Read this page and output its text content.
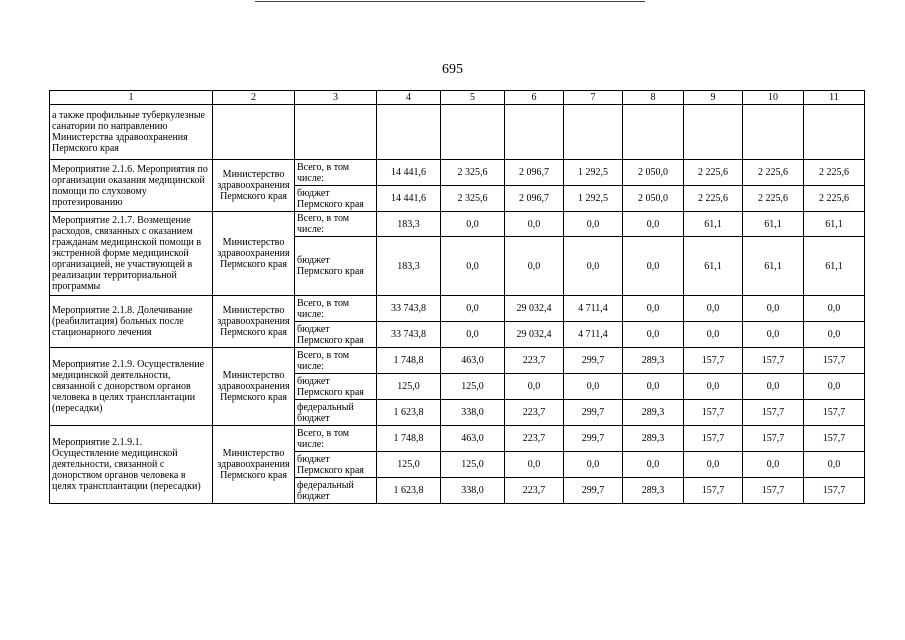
695
1	2	3	4	5	6	7	8	9	10	11
а также профильные туберкулезные санатории по направлению Министерства здравоохранения Пермского края										
Мероприятие 2.1.6. Мероприятия по организации оказания медицинской помощи по слуховому протезированию	Министерство здравоохранения Пермского края	Всего, в том числе:	14 441,6	2 325,6	2 096,7	1 292,5	2 050,0	2 225,6	2 225,6	2 225,6
		бюджет Пермского края	14 441,6	2 325,6	2 096,7	1 292,5	2 050,0	2 225,6	2 225,6	2 225,6
Мероприятие 2.1.7. Возмещение расходов, связанных с оказанием гражданам медицинской помощи в экстренной форме медицинской организацией, не участвующей в реализации территориальной программы	Министерство здравоохранения Пермского края	Всего, в том числе:	183,3	0,0	0,0	0,0	0,0	61,1	61,1	61,1
		бюджет Пермского края	183,3	0,0	0,0	0,0	0,0	61,1	61,1	61,1
Мероприятие 2.1.8. Долечивание (реабилитация) больных после стационарного лечения	Министерство здравоохранения Пермского края	Всего, в том числе:	33 743,8	0,0	29 032,4	4 711,4	0,0	0,0	0,0	0,0
		бюджет Пермского края	33 743,8	0,0	29 032,4	4 711,4	0,0	0,0	0,0	0,0
Мероприятие 2.1.9. Осуществление медицинской деятельности, связанной с донорством органов человека в целях трансплантации (пересадки)	Министерство здравоохранения Пермского края	Всего, в том числе:	1 748,8	463,0	223,7	299,7	289,3	157,7	157,7	157,7
		бюджет Пермского края	125,0	125,0	0,0	0,0	0,0	0,0	0,0	0,0
		федеральный бюджет	1 623,8	338,0	223,7	299,7	289,3	157,7	157,7	157,7
Мероприятие 2.1.9.1. Осуществление медицинской деятельности, связанной с донорством органов человека в целях трансплантации (пересадки)	Министерство здравоохранения Пермского края	Всего, в том числе:	1 748,8	463,0	223,7	299,7	289,3	157,7	157,7	157,7
		бюджет Пермского края	125,0	125,0	0,0	0,0	0,0	0,0	0,0	0,0
		федеральный бюджет	1 623,8	338,0	223,7	299,7	289,3	157,7	157,7	157,7
